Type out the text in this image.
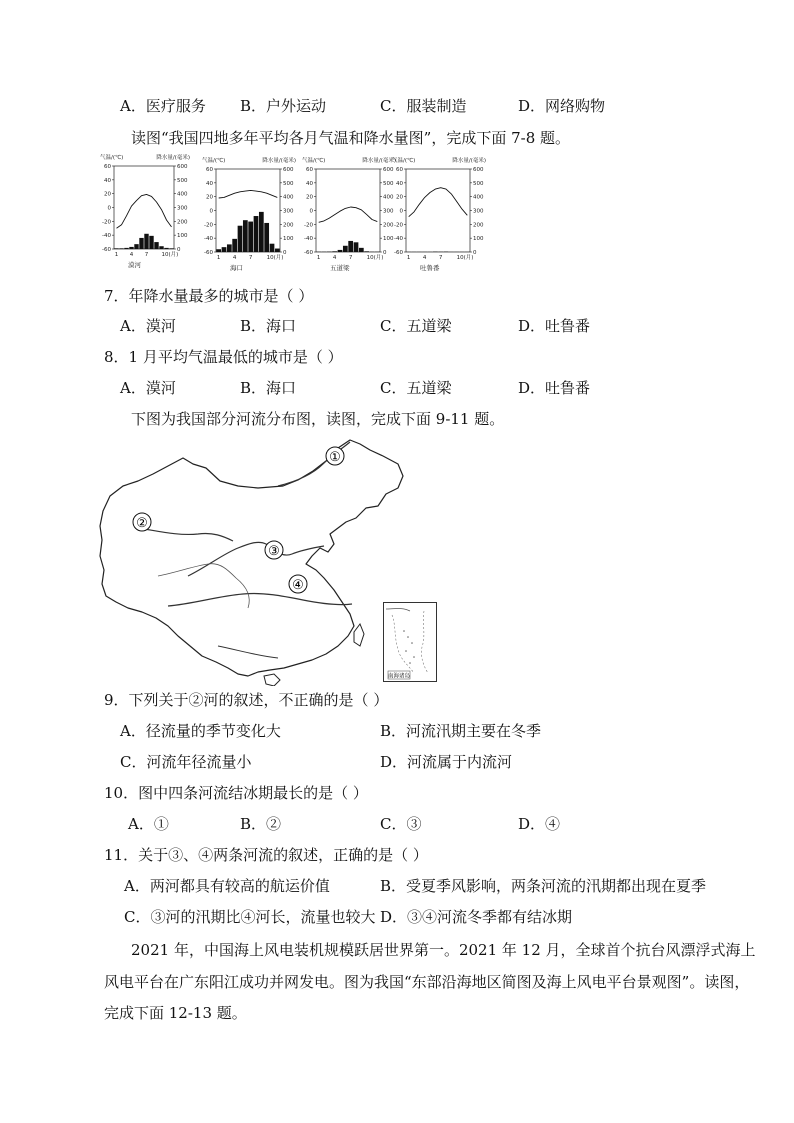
A．医疗服务 B．户外运动	C．服装制造	D．网络购物
读图“我国四地多年平均各月气温和降水量图”，完成下面 7-8 题。
气温/(℃)	降水量/(毫米)
60
40
20
0
-20
-40
-60
600
500
400
300
200
100
0
1 4 7 10(月)
漠河
气温/(℃)	降水量/(毫米)
60
40
20
0
-20
-40
-60
600
500
400
300
200
100
0
1 4 7	10(月)
海口
气温/(℃)	降水量/(毫米)
60
40
20
0
-20
-40
-60
600
500
400
300
200
100
0
1 4 7	10(月)
五道梁
气温/(℃)	降水量/(毫米)
60
40
20
0
-20
-40
-60
600
500
400
300
200
100
0
1 4 7	10(月)
吐鲁番
7．年降水量最多的城市是（ ）
A．漠河	B．海口	C．五道梁	D．吐鲁番
8．1 月平均气温最低的城市是（ ）
A．漠河	B．海口	C．五道梁	D．吐鲁番
下图为我国部分河流分布图，读图，完成下面 9-11 题。
①
②
③
④
南海诸岛
9．下列关于②河的叙述，不正确的是（ ）
A．径流量的季节变化大	B．河流汛期主要在冬季
C．河流年径流量小	D．河流属于内流河
10．图中四条河流结冰期最长的是（ ）
A．①	B．②	C．③	D．④
11．关于③、④两条河流的叙述，正确的是（ ）
A．两河都具有较高的航运价值	B．受夏季风影响，两条河流的汛期都出现在夏季
C．③河的汛期比④河长，流量也较大 D．③④河流冬季都有结冰期
2021 年，中国海上风电装机规模跃居世界第一。2021 年 12 月，全球首个抗台风漂浮式海上
风电平台在广东阳江成功并网发电。图为我国“东部沿海地区简图及海上风电平台景观图”。读图，
完成下面 12-13 题。
